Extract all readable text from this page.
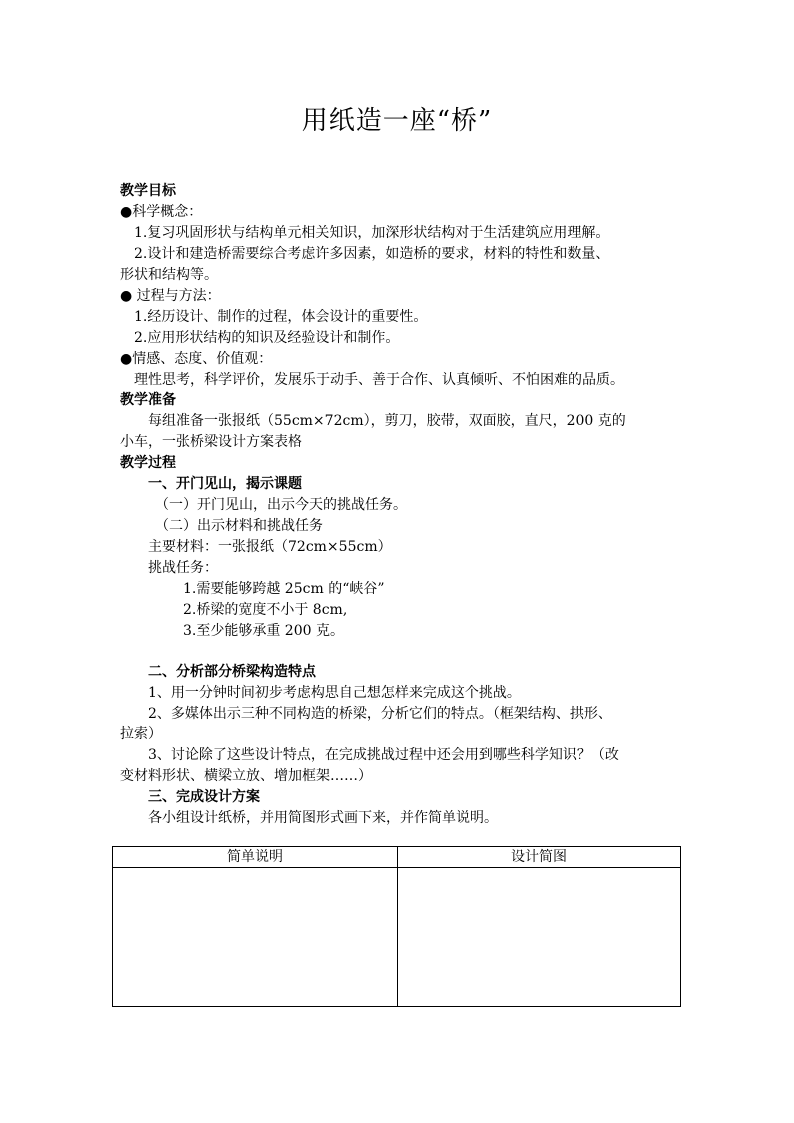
用纸造一座“桥”
教学目标
●科学概念：
1.复习巩固形状与结构单元相关知识，加深形状结构对于生活建筑应用理解。
2.设计和建造桥需要综合考虑许多因素，如造桥的要求，材料的特性和数量、
形状和结构等。
● 过程与方法：
1.经历设计、制作的过程，体会设计的重要性。
2.应用形状结构的知识及经验设计和制作。
●情感、态度、价值观：
理性思考，科学评价，发展乐于动手、善于合作、认真倾听、不怕困难的品质。
教学准备
每组准备一张报纸（55cm×72cm），剪刀，胶带，双面胶，直尺，200 克的
小车，一张桥梁设计方案表格
教学过程
一、开门见山，揭示课题
（一）开门见山，出示今天的挑战任务。
（二）出示材料和挑战任务
主要材料：一张报纸（72cm×55cm）
挑战任务：
1.需要能够跨越 25cm 的“峡谷”
2.桥梁的宽度不小于 8cm,
3.至少能够承重 200 克。
二、分析部分桥梁构造特点
1、用一分钟时间初步考虑构思自己想怎样来完成这个挑战。
2、多媒体出示三种不同构造的桥梁，分析它们的特点。（框架结构、拱形、
拉索）
3、讨论除了这些设计特点，在完成挑战过程中还会用到哪些科学知识？（改
变材料形状、横梁立放、增加框架……）
三、完成设计方案
各小组设计纸桥，并用简图形式画下来，并作简单说明。
简单说明	设计简图
